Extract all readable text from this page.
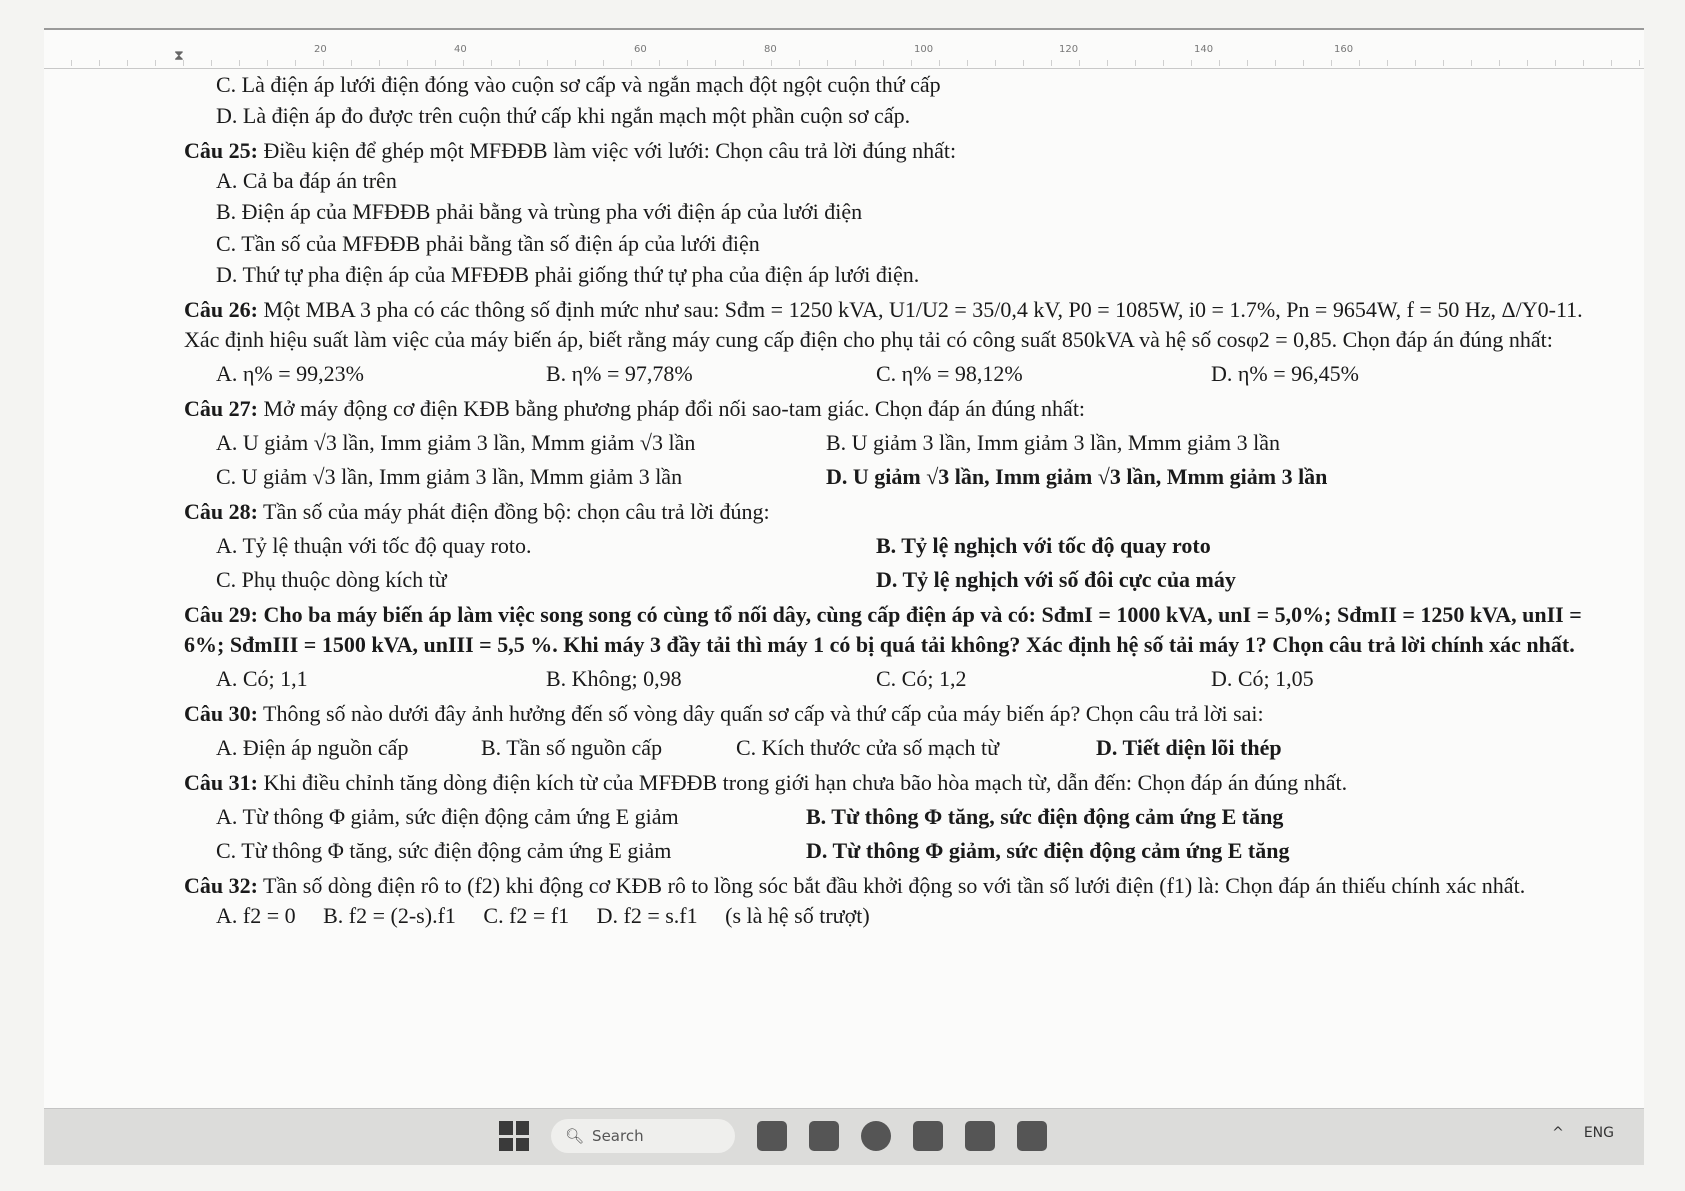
⧗	20	40	60	80	100	120	140	160
C. Là điện áp lưới điện đóng vào cuộn sơ cấp và ngắn mạch đột ngột cuộn thứ cấp
D. Là điện áp đo được trên cuộn thứ cấp khi ngắn mạch một phần cuộn sơ cấp.
Câu 25: Điều kiện để ghép một MFĐĐB làm việc với lưới: Chọn câu trả lời đúng nhất:
A. Cả ba đáp án trên
B. Điện áp của MFĐĐB phải bằng và trùng pha với điện áp của lưới điện
C. Tần số của MFĐĐB phải bằng tần số điện áp của lưới điện
D. Thứ tự pha điện áp của MFĐĐB phải giống thứ tự pha của điện áp lưới điện.
Câu 26: Một MBA 3 pha có các thông số định mức như sau: Sđm = 1250 kVA, U1/U2 = 35/0,4 kV, P0 = 1085W, i0 = 1.7%, Pn = 9654W, f = 50 Hz, Δ/Y0-11. Xác định hiệu suất làm việc của máy biến áp, biết rằng máy cung cấp điện cho phụ tải có công suất 850kVA và hệ số cosφ2 = 0,85. Chọn đáp án đúng nhất:
A. η% = 99,23%	B. η% = 97,78%	C. η% = 98,12%	D. η% = 96,45%
Câu 27: Mở máy động cơ điện KĐB bằng phương pháp đổi nối sao-tam giác. Chọn đáp án đúng nhất:
A. U giảm √3 lần, Imm giảm 3 lần, Mmm giảm √3 lần	B. U giảm 3 lần, Imm giảm 3 lần, Mmm giảm 3 lần
C. U giảm √3 lần, Imm giảm 3 lần, Mmm giảm 3 lần	D. U giảm √3 lần, Imm giảm √3 lần, Mmm giảm 3 lần
Câu 28: Tần số của máy phát điện đồng bộ: chọn câu trả lời đúng:
A. Tỷ lệ thuận với tốc độ quay roto.	B. Tỷ lệ nghịch với tốc độ quay roto
C. Phụ thuộc dòng kích từ	D. Tỷ lệ nghịch với số đôi cực của máy
Câu 29: Cho ba máy biến áp làm việc song song có cùng tổ nối dây, cùng cấp điện áp và có: SđmI = 1000 kVA, unI = 5,0%; SđmII = 1250 kVA, unII = 6%; SđmIII = 1500 kVA, unIII = 5,5 %. Khi máy 3 đầy tải thì máy 1 có bị quá tải không? Xác định hệ số tải máy 1? Chọn câu trả lời chính xác nhất.
A. Có; 1,1	B. Không; 0,98	C. Có; 1,2	D. Có; 1,05
Câu 30: Thông số nào dưới đây ảnh hưởng đến số vòng dây quấn sơ cấp và thứ cấp của máy biến áp? Chọn câu trả lời sai:
A. Điện áp nguồn cấp	B. Tần số nguồn cấp	C. Kích thước cửa số mạch từ	D. Tiết diện lõi thép
Câu 31: Khi điều chỉnh tăng dòng điện kích từ của MFĐĐB trong giới hạn chưa bão hòa mạch từ, dẫn đến: Chọn đáp án đúng nhất.
A. Từ thông Φ giảm, sức điện động cảm ứng E giảm	B. Từ thông Φ tăng, sức điện động cảm ứng E tăng
C. Từ thông Φ tăng, sức điện động cảm ứng E giảm	D. Từ thông Φ giảm, sức điện động cảm ứng E tăng
Câu 32: Tần số dòng điện rô to (f2) khi động cơ KĐB rô to lồng sóc bắt đầu khởi động so với tần số lưới điện (f1) là: Chọn đáp án thiếu chính xác nhất.
A. f2 = 0     B. f2 = (2-s).f1     C. f2 = f1     D. f2 = s.f1     (s là hệ số trượt)
🔍︎ Search	^ ENG
